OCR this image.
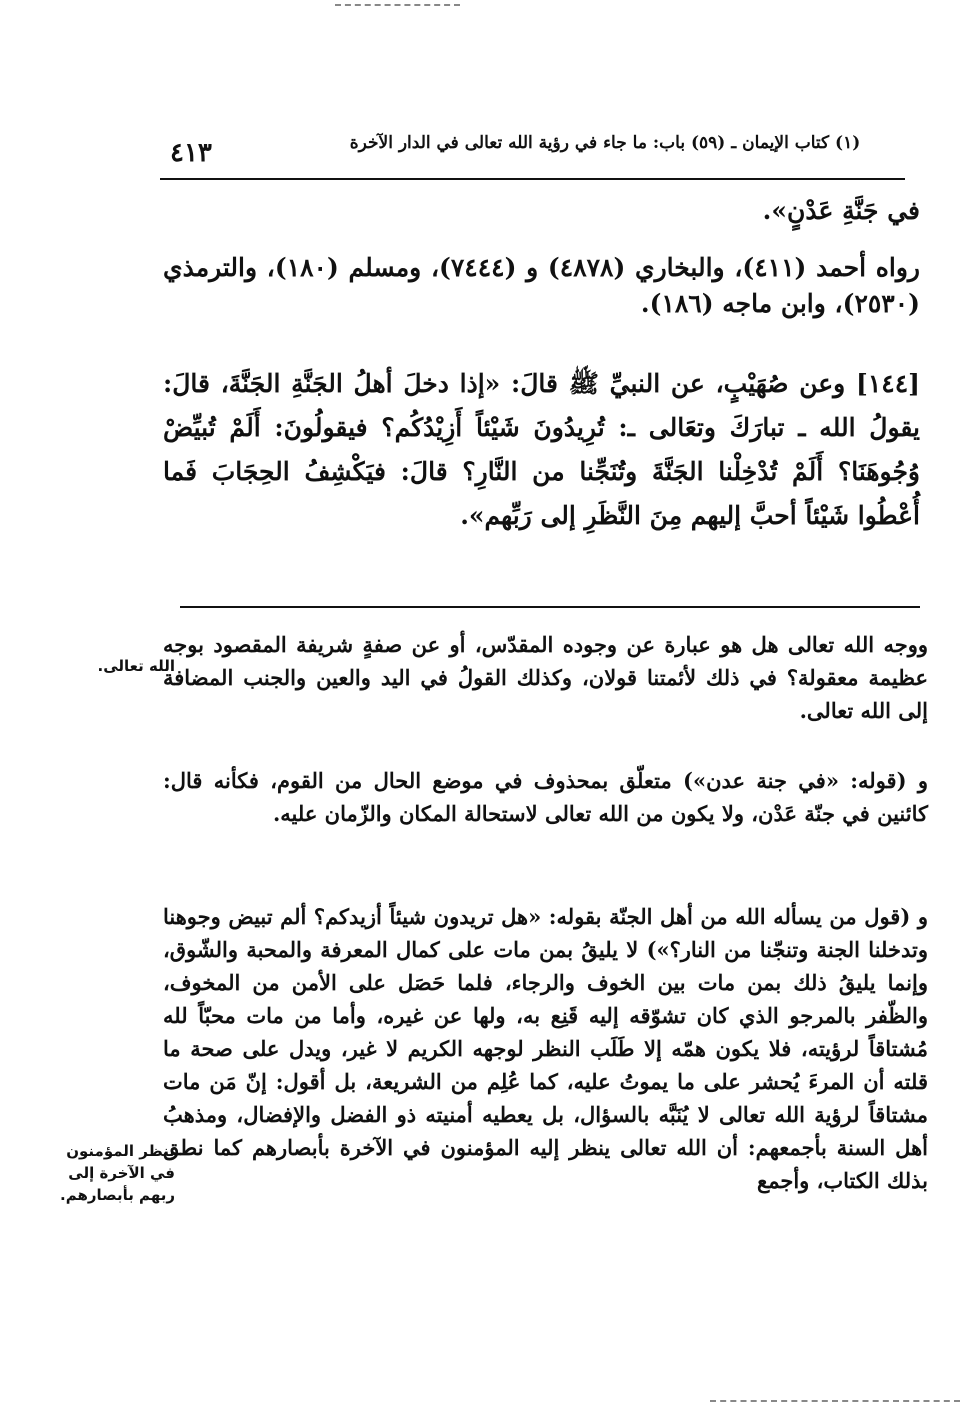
(١) كتاب الإيمان ـ (٥٩) باب: ما جاء في رؤية الله تعالى في الدار الآخرة
٤١٣

في جَنَّةِ عَدْنٍ».

رواه أحمد (٤١١)، والبخاري (٤٨٧٨) و (٧٤٤٤)، ومسلم (١٨٠)، والترمذي (٢٥٣٠)، وابن ماجه (١٨٦).

[١٤٤] وعن صُهَيْبٍ، عن النبيِّ ﷺ قالَ: «إذا دخلَ أهلُ الجَنَّةِ الجَنَّةَ، قالَ: يقولُ الله ـ تبارَكَ وتعَالى ـ: تُرِيدُونَ شَيْئاً أَزِيْدُكُم؟ فيقولُونَ: أَلَمْ تُبيِّضْ وُجُوهَنَا؟ أَلَمْ تُدْخِلْنا الجَنَّةَ وتُنَجِّنا من النَّارِ؟ قالَ: فيَكْشِفُ الحِجَابَ فَما أُعْطُوا شَيْئاً أحبَّ إليهم مِنَ النَّظَرِ إلى رَبِّهم».

ووجه الله تعالى هل هو عبارة عن وجوده المقدّس، أو عن صفةٍ شريفة المقصود بوجه عظيمة معقولة؟ في ذلك لأئمتنا قولان، وكذلك القولُ في اليد والعين والجنب المضافة إلى الله تعالى.

و (قوله: «في جنة عدن») متعلّق بمحذوف في موضع الحال من القوم، فكأنه قال: كائنين في جنّة عَدْن، ولا يكون من الله تعالى لاستحالة المكان والزّمان عليه.

و (قول من يسأله الله من أهل الجنّة بقوله: «هل تريدون شيئاً أزيدكم؟ ألم تبيض وجوهنا وتدخلنا الجنة وتنجّنا من النار؟») لا يليقُ بمن مات على كمال المعرفة والمحبة والشّوق، وإنما يليقُ ذلك بمن مات بين الخوف والرجاء، فلما حَصَل على الأمن من المخوف، والظّفر بالمرجو الذي كان تشوّقه إليه قَنِع به، ولها عن غيره، وأما من مات محبّاً لله مُشتاقاً لرؤيته، فلا يكون همّه إلا طَلَب النظر لوجهه الكريم لا غير، ويدل على صحة ما قلته أن المرءَ يُحشر على ما يموتُ عليه، كما عُلِم من الشريعة، بل أقول: إنّ مَن مات مشتاقاً لرؤية الله تعالى لا يُنَبَّه بالسؤال، بل يعطيه أمنيته ذو الفضل والإفضال، ومذهبُ أهل السنة بأجمعهم: أن الله تعالى ينظر إليه المؤمنون في الآخرة بأبصارهم كما نطق بذلك الكتاب، وأجمع

الله تعالى.
ينظر المؤمنون في الآخرة إلى ربهم بأبصارهم.
